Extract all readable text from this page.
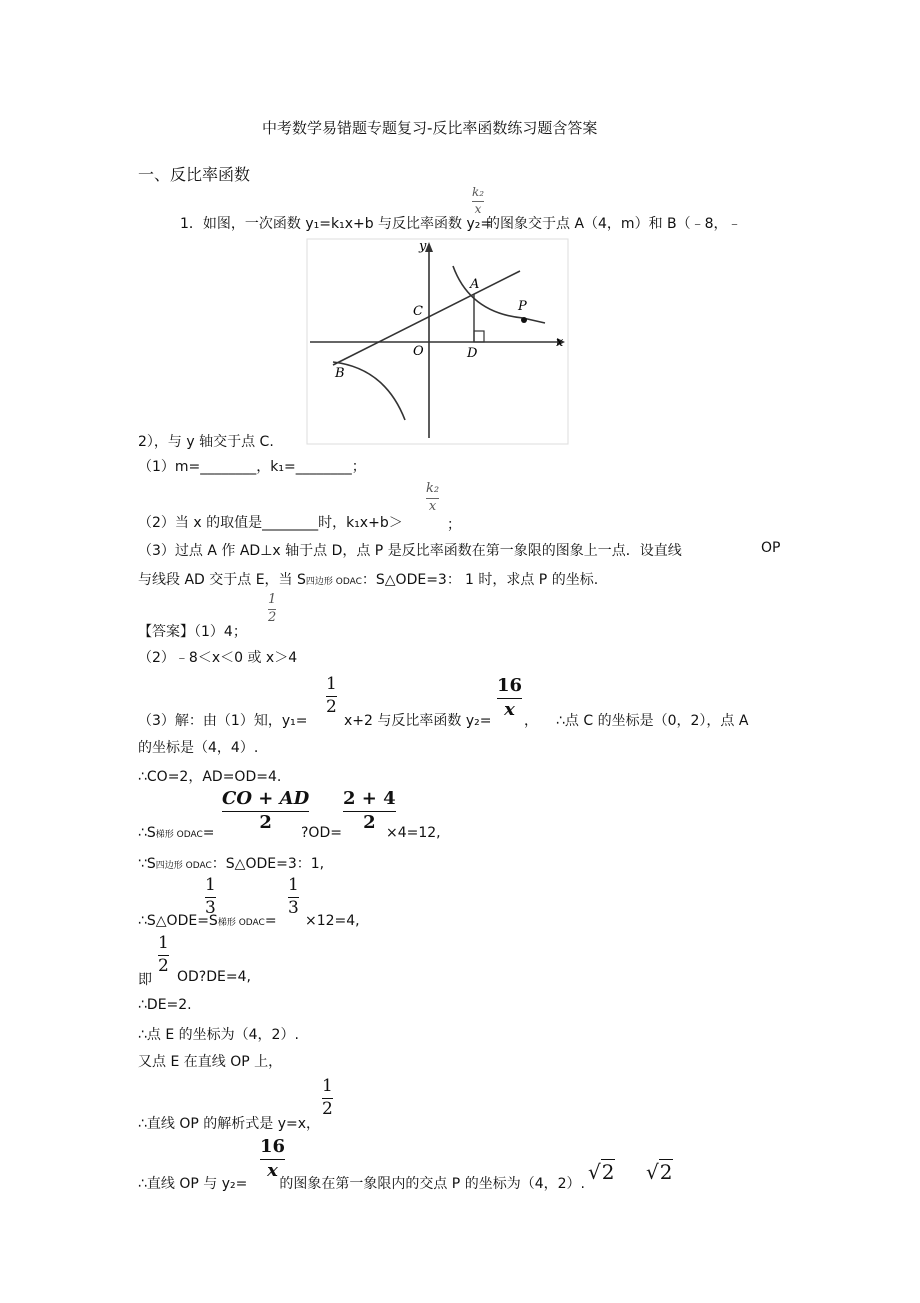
中考数学易错题专题复习-反比率函数练习题含答案
一、反比率函数
1．如图，一次函数 y₁=k₁x+b 与反比率函数 y₂=
k₂
x
的图象交于点 A（4，m）和 B（﹣8，﹣
y
x
A
P
C
O	D
B
2），与 y 轴交于点 C.
（1）m=________，k₁=________；
（2）当 x 的取值是________时，k₁x+b＞
k₂
x
；
（3）过点 A 作 AD⊥x 轴于点 D，点 P 是反比率函数在第一象限的图象上一点．设直线	OP
与线段 AD 交于点 E，当 S四边形 ODAC：S△ODE=3： 1 时，求点 P 的坐标.
【答案】（1）4；
1
2
（2）﹣8＜x＜0 或 x＞4
（3）解：由（1）知，y₁=
1
2
x+2 与反比率函数 y₂=
16
x
， ∴点 C 的坐标是（0，2），点 A
的坐标是（4，4）.
∴CO=2，AD=OD=4.
∴S梯形 ODAC=
CO + AD
2
?OD=
2 + 4
2
×4=12,
∵S四边形 ODAC：S△ODE=3：1,
1
3
∴S△ODE=S梯形 ODAC=
1
3
×12=4,
即
1
2
OD?DE=4,
∴DE=2.
∴点 E 的坐标为（4，2）.
又点 E 在直线 OP 上，
∴直线 OP 的解析式是 y=x，
1
2
16
x
∴直线 OP 与 y₂= 的图象在第一象限内的交点 P 的坐标为（4，2）. √2 √2
